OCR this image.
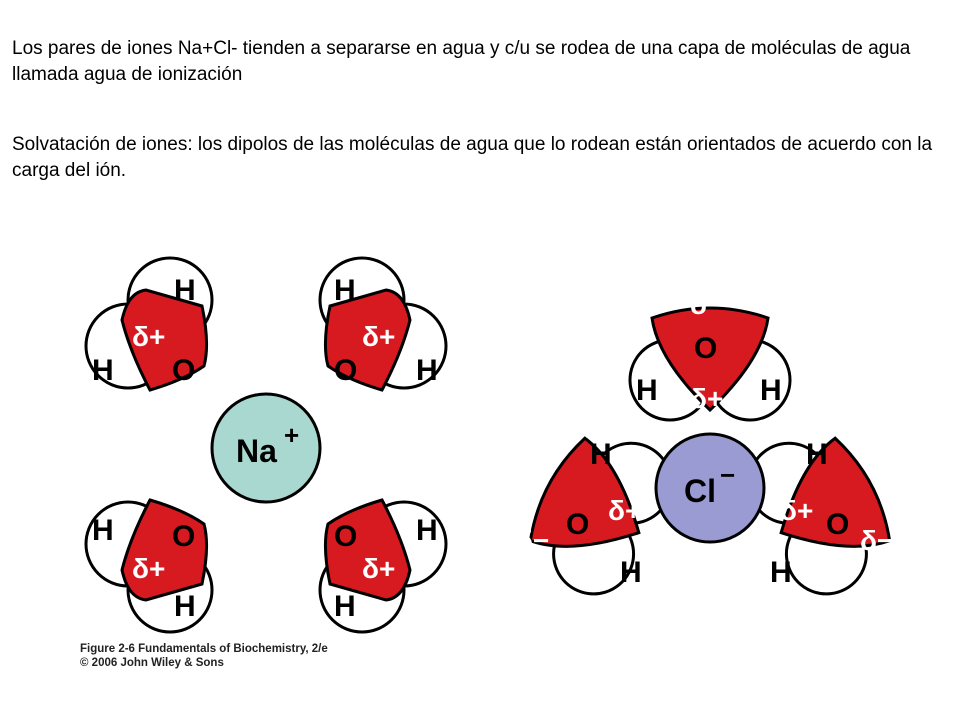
Los pares de iones Na+Cl- tienden a separarse en agua y c/u se rodea de una capa de moléculas de agua llamada agua de ionización

Solvatación de iones: los dipolos de las moléculas de agua que lo rodean están orientados de acuerdo con la carga del ión.

Na +
H
H
δ+
O
δ−
H
H
δ+
O
δ−
H
H
δ−
O
δ+
H
H
δ−
O
δ+
Cl −
δ−
O
H	H
δ+
H
O
δ−
δ+
H
H
δ+ O δ−
H
Figure 2-6 Fundamentals of Biochemistry, 2/e
© 2006 John Wiley & Sons
